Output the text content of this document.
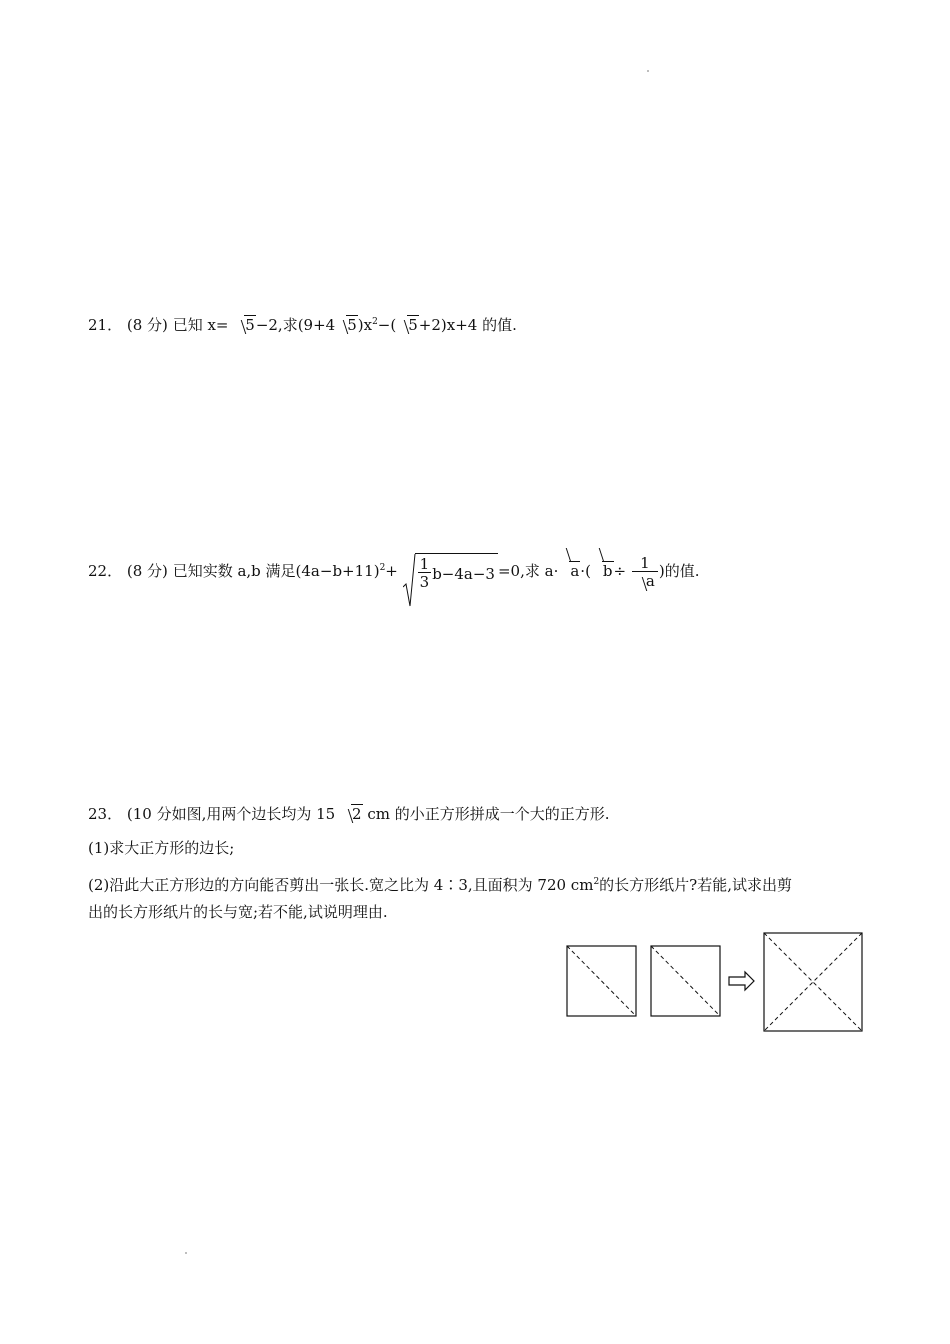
21． (8 分) 已知 x= 5−2,求(9+4 $5)x^2-$( 5+2)x+4 的值.
22． (8 分) 已知实数 a,b 满足$(4a-b+11)^2+ \frac{1}{3} b-4a-3 =0$,求 a· a·( $b\div \frac{1}{a}$ )的值.
23． (10 分如图,用两个边长均为 15 2 cm 的小正方形拼成一个大的正方形.
(1)求大正方形的边长;
(2)沿此大正方形边的方向能否剪出一张长.宽之比为 4∶3,且面积为 720 $cm^2$的长方形纸片?若能,试求出剪
出的长方形纸片的长与宽;若不能,试说明理由.
